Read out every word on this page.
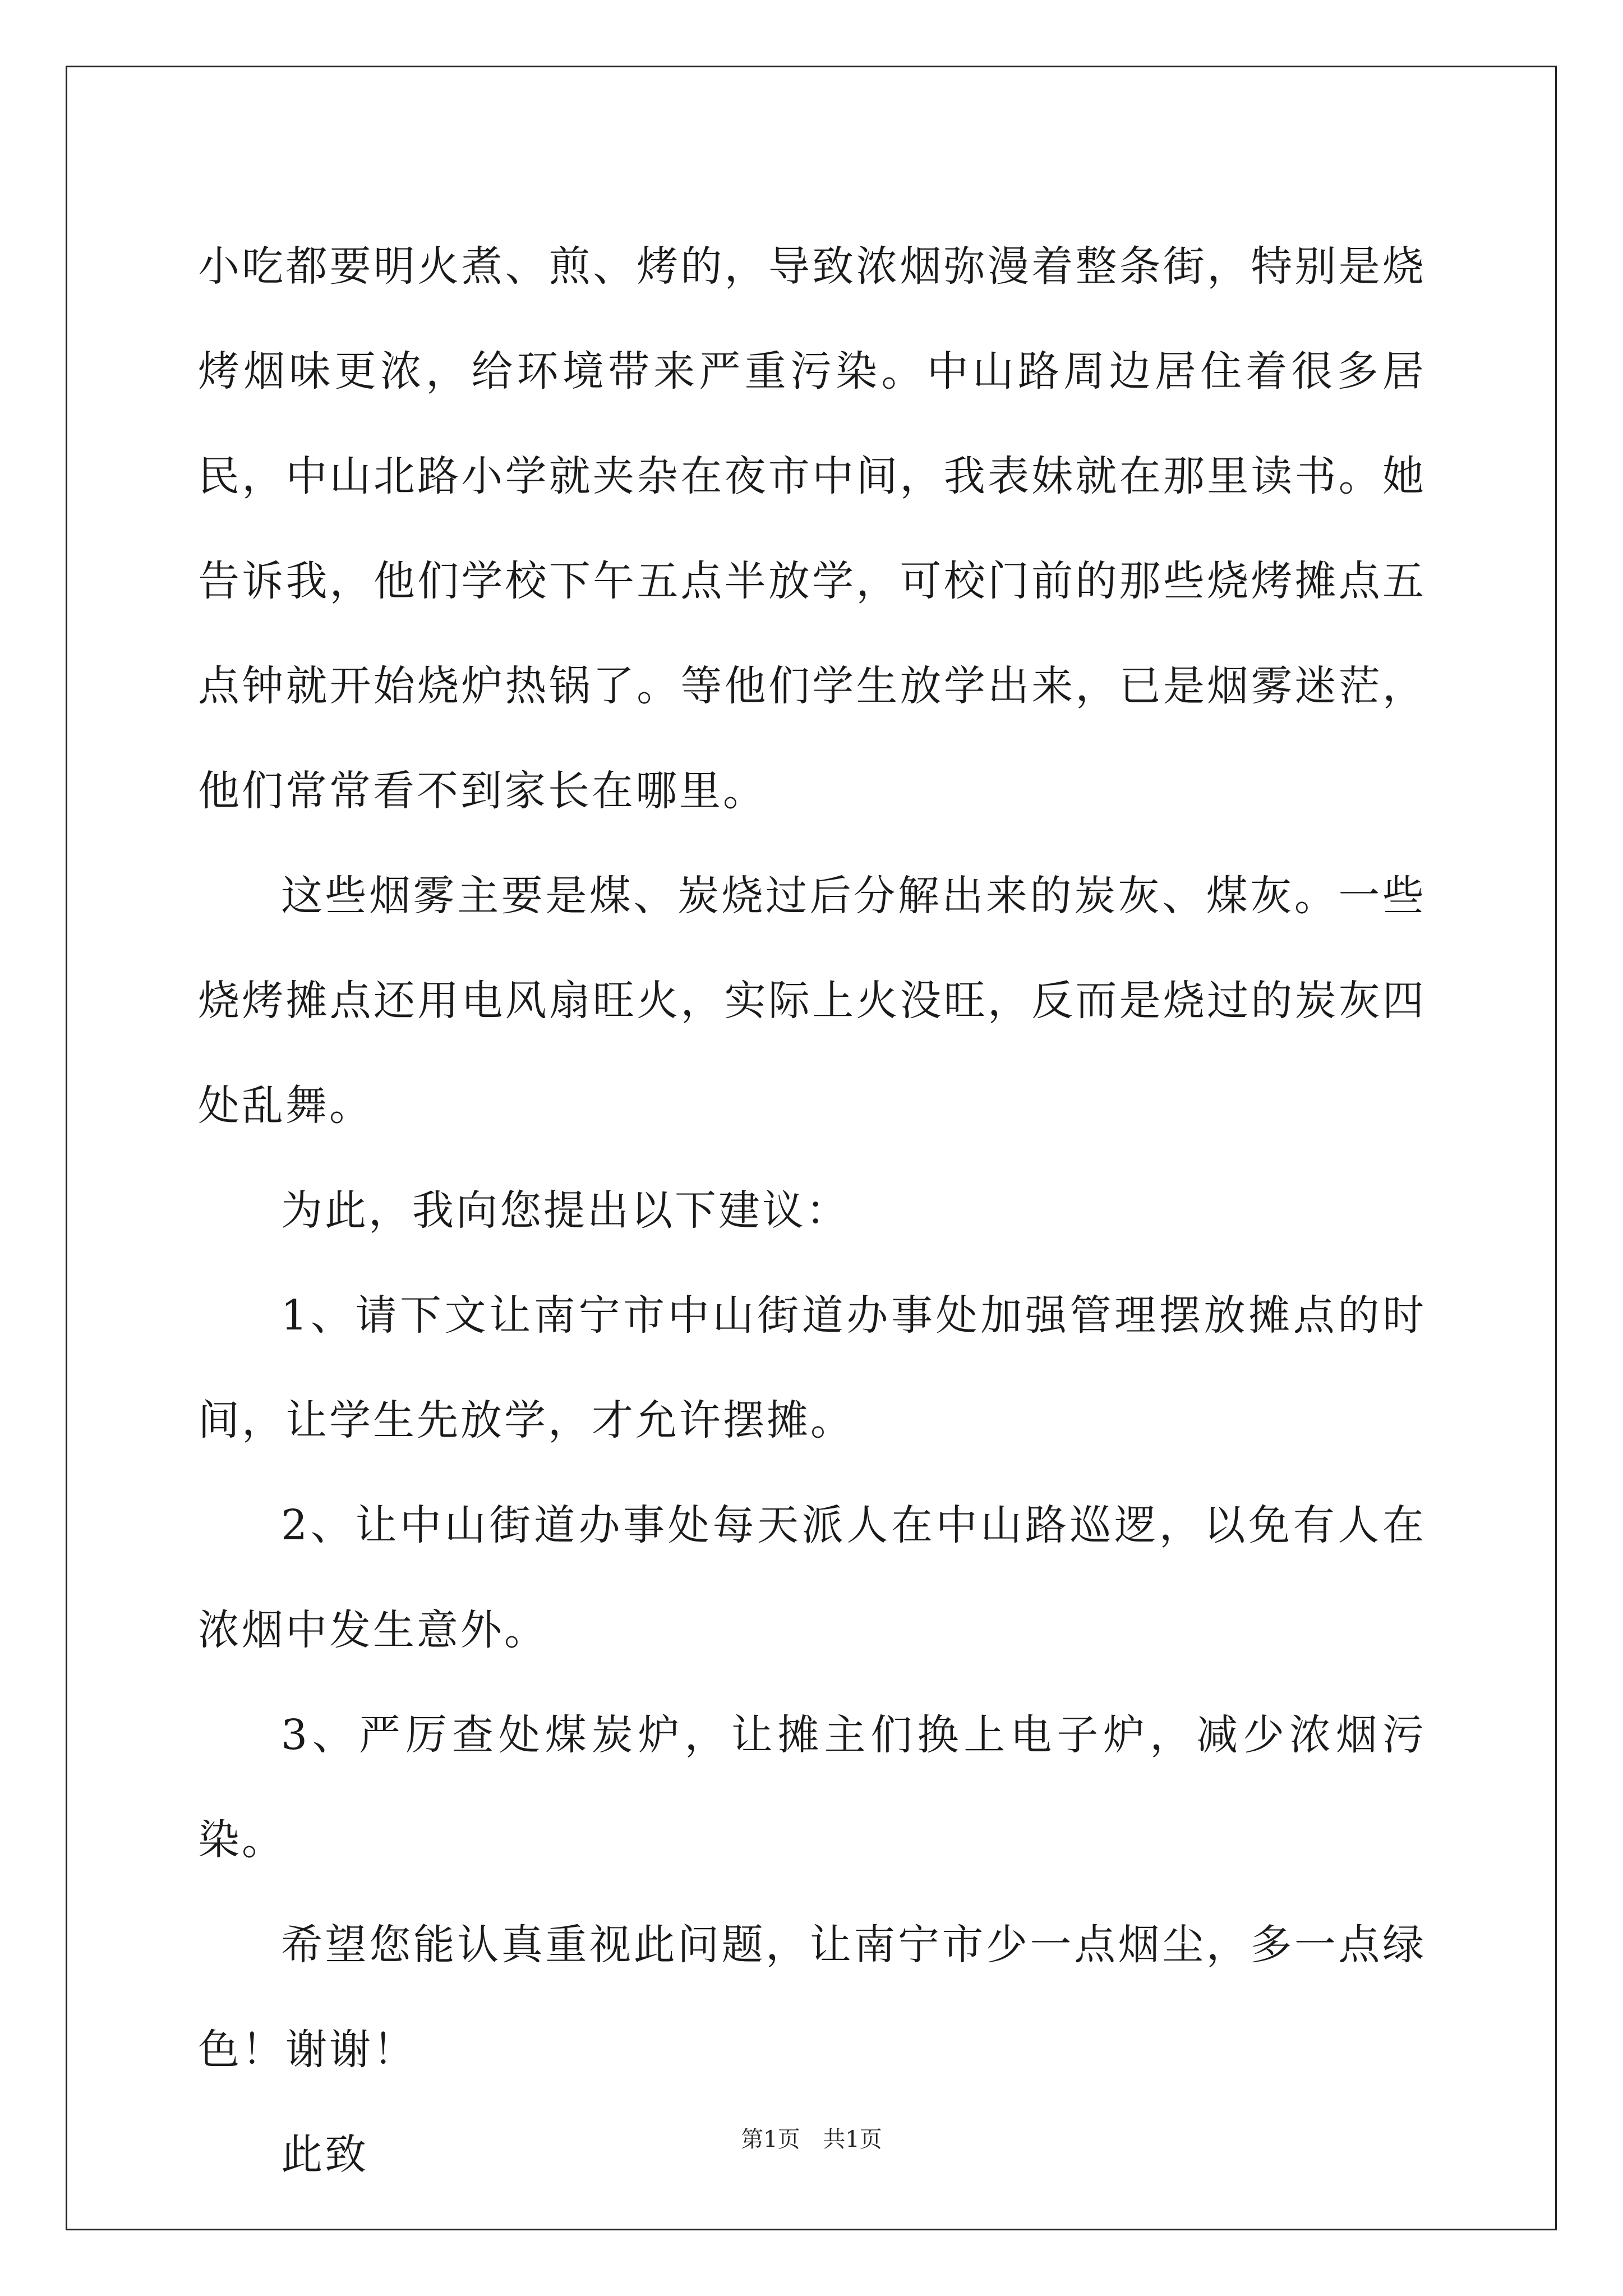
小吃都要明火煮、煎、烤的，导致浓烟弥漫着整条街，特别是烧烤烟味更浓，给环境带来严重污染。中山路周边居住着很多居民，中山北路小学就夹杂在夜市中间，我表妹就在那里读书。她告诉我，他们学校下午五点半放学，可校门前的那些烧烤摊点五点钟就开始烧炉热锅了。等他们学生放学出来，已是烟雾迷茫，他们常常看不到家长在哪里。

这些烟雾主要是煤、炭烧过后分解出来的炭灰、煤灰。一些烧烤摊点还用电风扇旺火，实际上火没旺，反而是烧过的炭灰四处乱舞。

为此，我向您提出以下建议：

1、请下文让南宁市中山街道办事处加强管理摆放摊点的时间，让学生先放学，才允许摆摊。

2、让中山街道办事处每天派人在中山路巡逻，以免有人在浓烟中发生意外。

3、严厉查处煤炭炉，让摊主们换上电子炉，减少浓烟污染。

希望您能认真重视此问题，让南宁市少一点烟尘，多一点绿色！谢谢！

此致	第1页 共1页
